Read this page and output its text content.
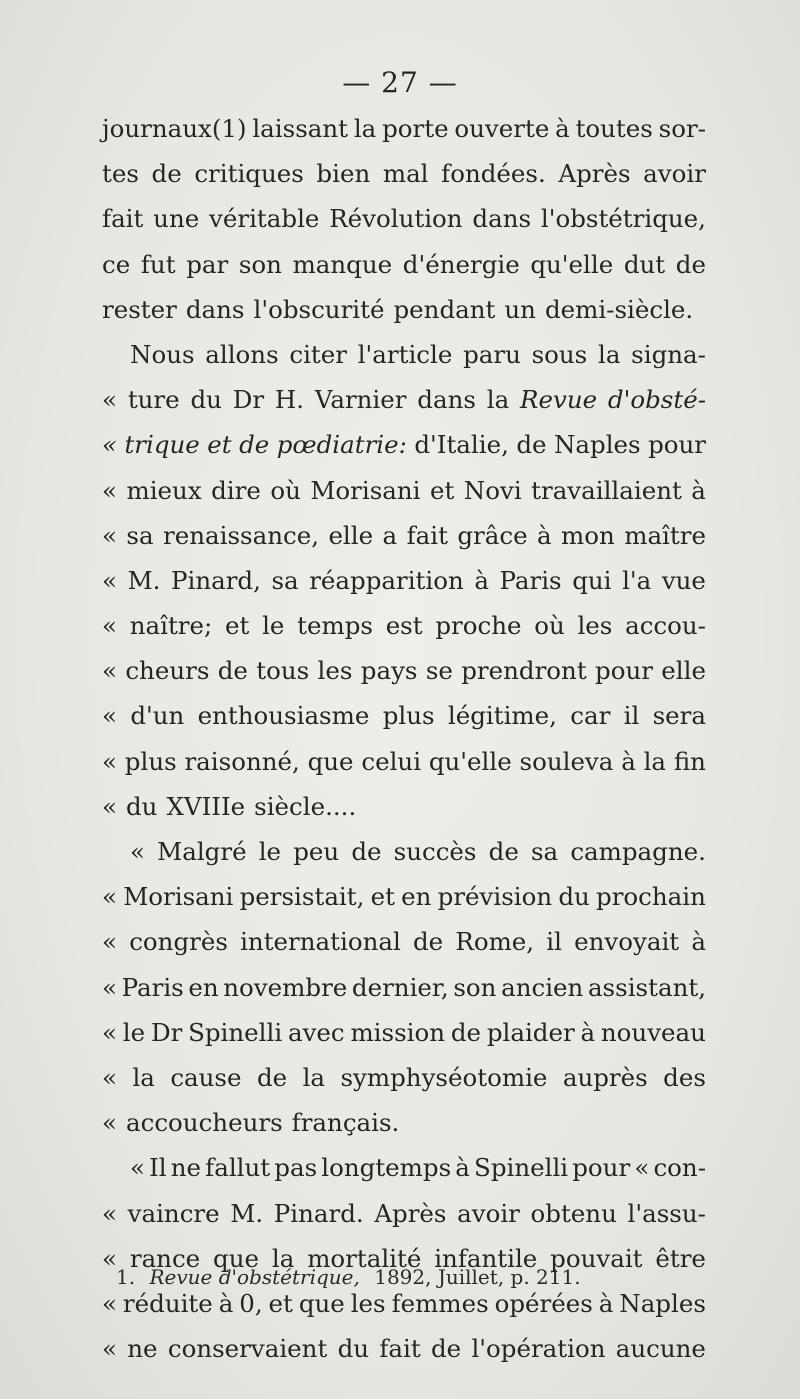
— 27 —
journaux(1) laissant la porte ouverte à toutes sor-
tes de critiques bien mal fondées. Après avoir
fait une véritable Révolution dans l'obstétrique,
ce fut par son manque d'énergie qu'elle dut de
rester dans l'obscurité pendant un demi-siècle.
Nous allons citer l'article paru sous la signa-
« ture du Dr H. Varnier dans la Revue d'obsté-
« trique et de pœdiatrie: d'Italie, de Naples pour
« mieux dire où Morisani et Novi travaillaient à
« sa renaissance, elle a fait grâce à mon maître
« M. Pinard, sa réapparition à Paris qui l'a vue
« naître; et le temps est proche où les accou-
« cheurs de tous les pays se prendront pour elle
« d'un enthousiasme plus légitime, car il sera
« plus raisonné, que celui qu'elle souleva à la fin
« du XVIIIe siècle....
« Malgré le peu de succès de sa campagne.
« Morisani persistait, et en prévision du prochain
« congrès international de Rome, il envoyait à
« Paris en novembre dernier, son ancien assistant,
« le Dr Spinelli avec mission de plaider à nouveau
« la cause de la symphyséotomie auprès des
« accoucheurs français.
« Il ne fallut pas longtemps à Spinelli pour « con-
« vaincre M. Pinard. Après avoir obtenu l'assu-
« rance que la mortalité infantile pouvait être
« réduite à 0, et que les femmes opérées à Naples
« ne conservaient du fait de l'opération aucune
1. Revue d'obstétrique, 1892, Juillet, p. 211.
